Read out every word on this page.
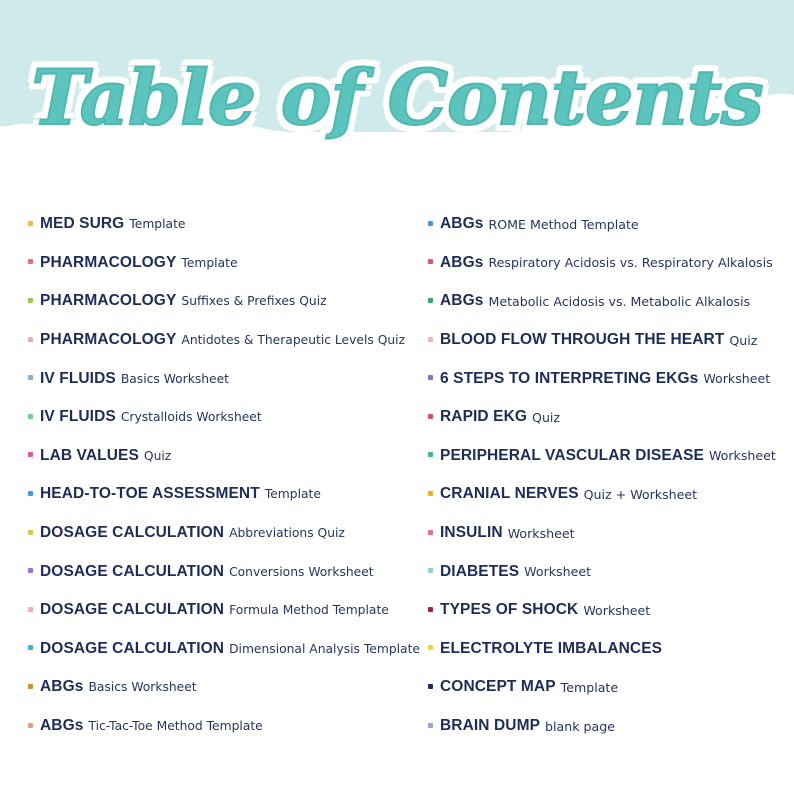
Table of Contents
MED SURG Template
PHARMACOLOGY Template
PHARMACOLOGY Suffixes & Prefixes Quiz
PHARMACOLOGY Antidotes & Therapeutic Levels Quiz
IV FLUIDS Basics Worksheet
IV FLUIDS Crystalloids Worksheet
LAB VALUES Quiz
HEAD-TO-TOE ASSESSMENT Template
DOSAGE CALCULATION Abbreviations Quiz
DOSAGE CALCULATION Conversions Worksheet
DOSAGE CALCULATION Formula Method Template
DOSAGE CALCULATION Dimensional Analysis Template
ABGs Basics Worksheet
ABGs Tic-Tac-Toe Method Template
ABGs ROME Method Template
ABGs Respiratory Acidosis vs. Respiratory Alkalosis
ABGs Metabolic Acidosis vs. Metabolic Alkalosis
BLOOD FLOW THROUGH THE HEART Quiz
6 STEPS TO INTERPRETING EKGs Worksheet
RAPID EKG Quiz
PERIPHERAL VASCULAR DISEASE Worksheet
CRANIAL NERVES Quiz + Worksheet
INSULIN Worksheet
DIABETES Worksheet
TYPES OF SHOCK Worksheet
ELECTROLYTE IMBALANCES
CONCEPT MAP Template
BRAIN DUMP blank page
